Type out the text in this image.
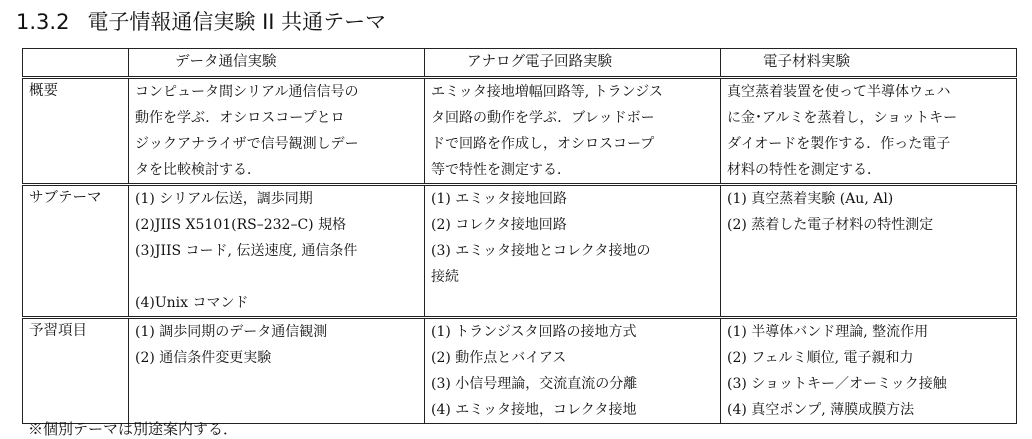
1.3.2 電子情報通信実験 II 共通テーマ

	データ通信実験	アナログ電子回路実験	電子材料実験

概要	コンピュータ間シリアル通信信号の
動作を学ぶ．オシロスコープとロ
ジックアナライザで信号観測しデー
タを比較検討する．	エミッタ接地増幅回路等, トランジス
タ回路の動作を学ぶ．ブレッドボー
ドで回路を作成し，オシロスコープ
等で特性を測定する．	真空蒸着装置を使って半導体ウェハ
に金･アルミを蒸着し，ショットキー
ダイオードを製作する．作った電子
材料の特性を測定する．

サブテーマ	(1) シリアル伝送，調歩同期
(2)JIIS X5101(RS–232–C) 規格
(3)JIIS コード, 伝送速度, 通信条件
(4)Unix コマンド	(1) エミッタ接地回路
(2) コレクタ接地回路
(3) エミッタ接地とコレクタ接地の
接続	(1) 真空蒸着実験 (Au, Al)
(2) 蒸着した電子材料の特性測定

予習項目	(1) 調歩同期のデータ通信観測
(2) 通信条件変更実験	(1) トランジスタ回路の接地方式
(2) 動作点とバイアス
(3) 小信号理論，交流直流の分離
(4) エミッタ接地，コレクタ接地	(1) 半導体バンド理論, 整流作用
(2) フェルミ順位, 電子親和力
(3) ショットキー／オーミック接触
(4) 真空ポンプ, 薄膜成膜方法
※個別テーマは別途案内する．
